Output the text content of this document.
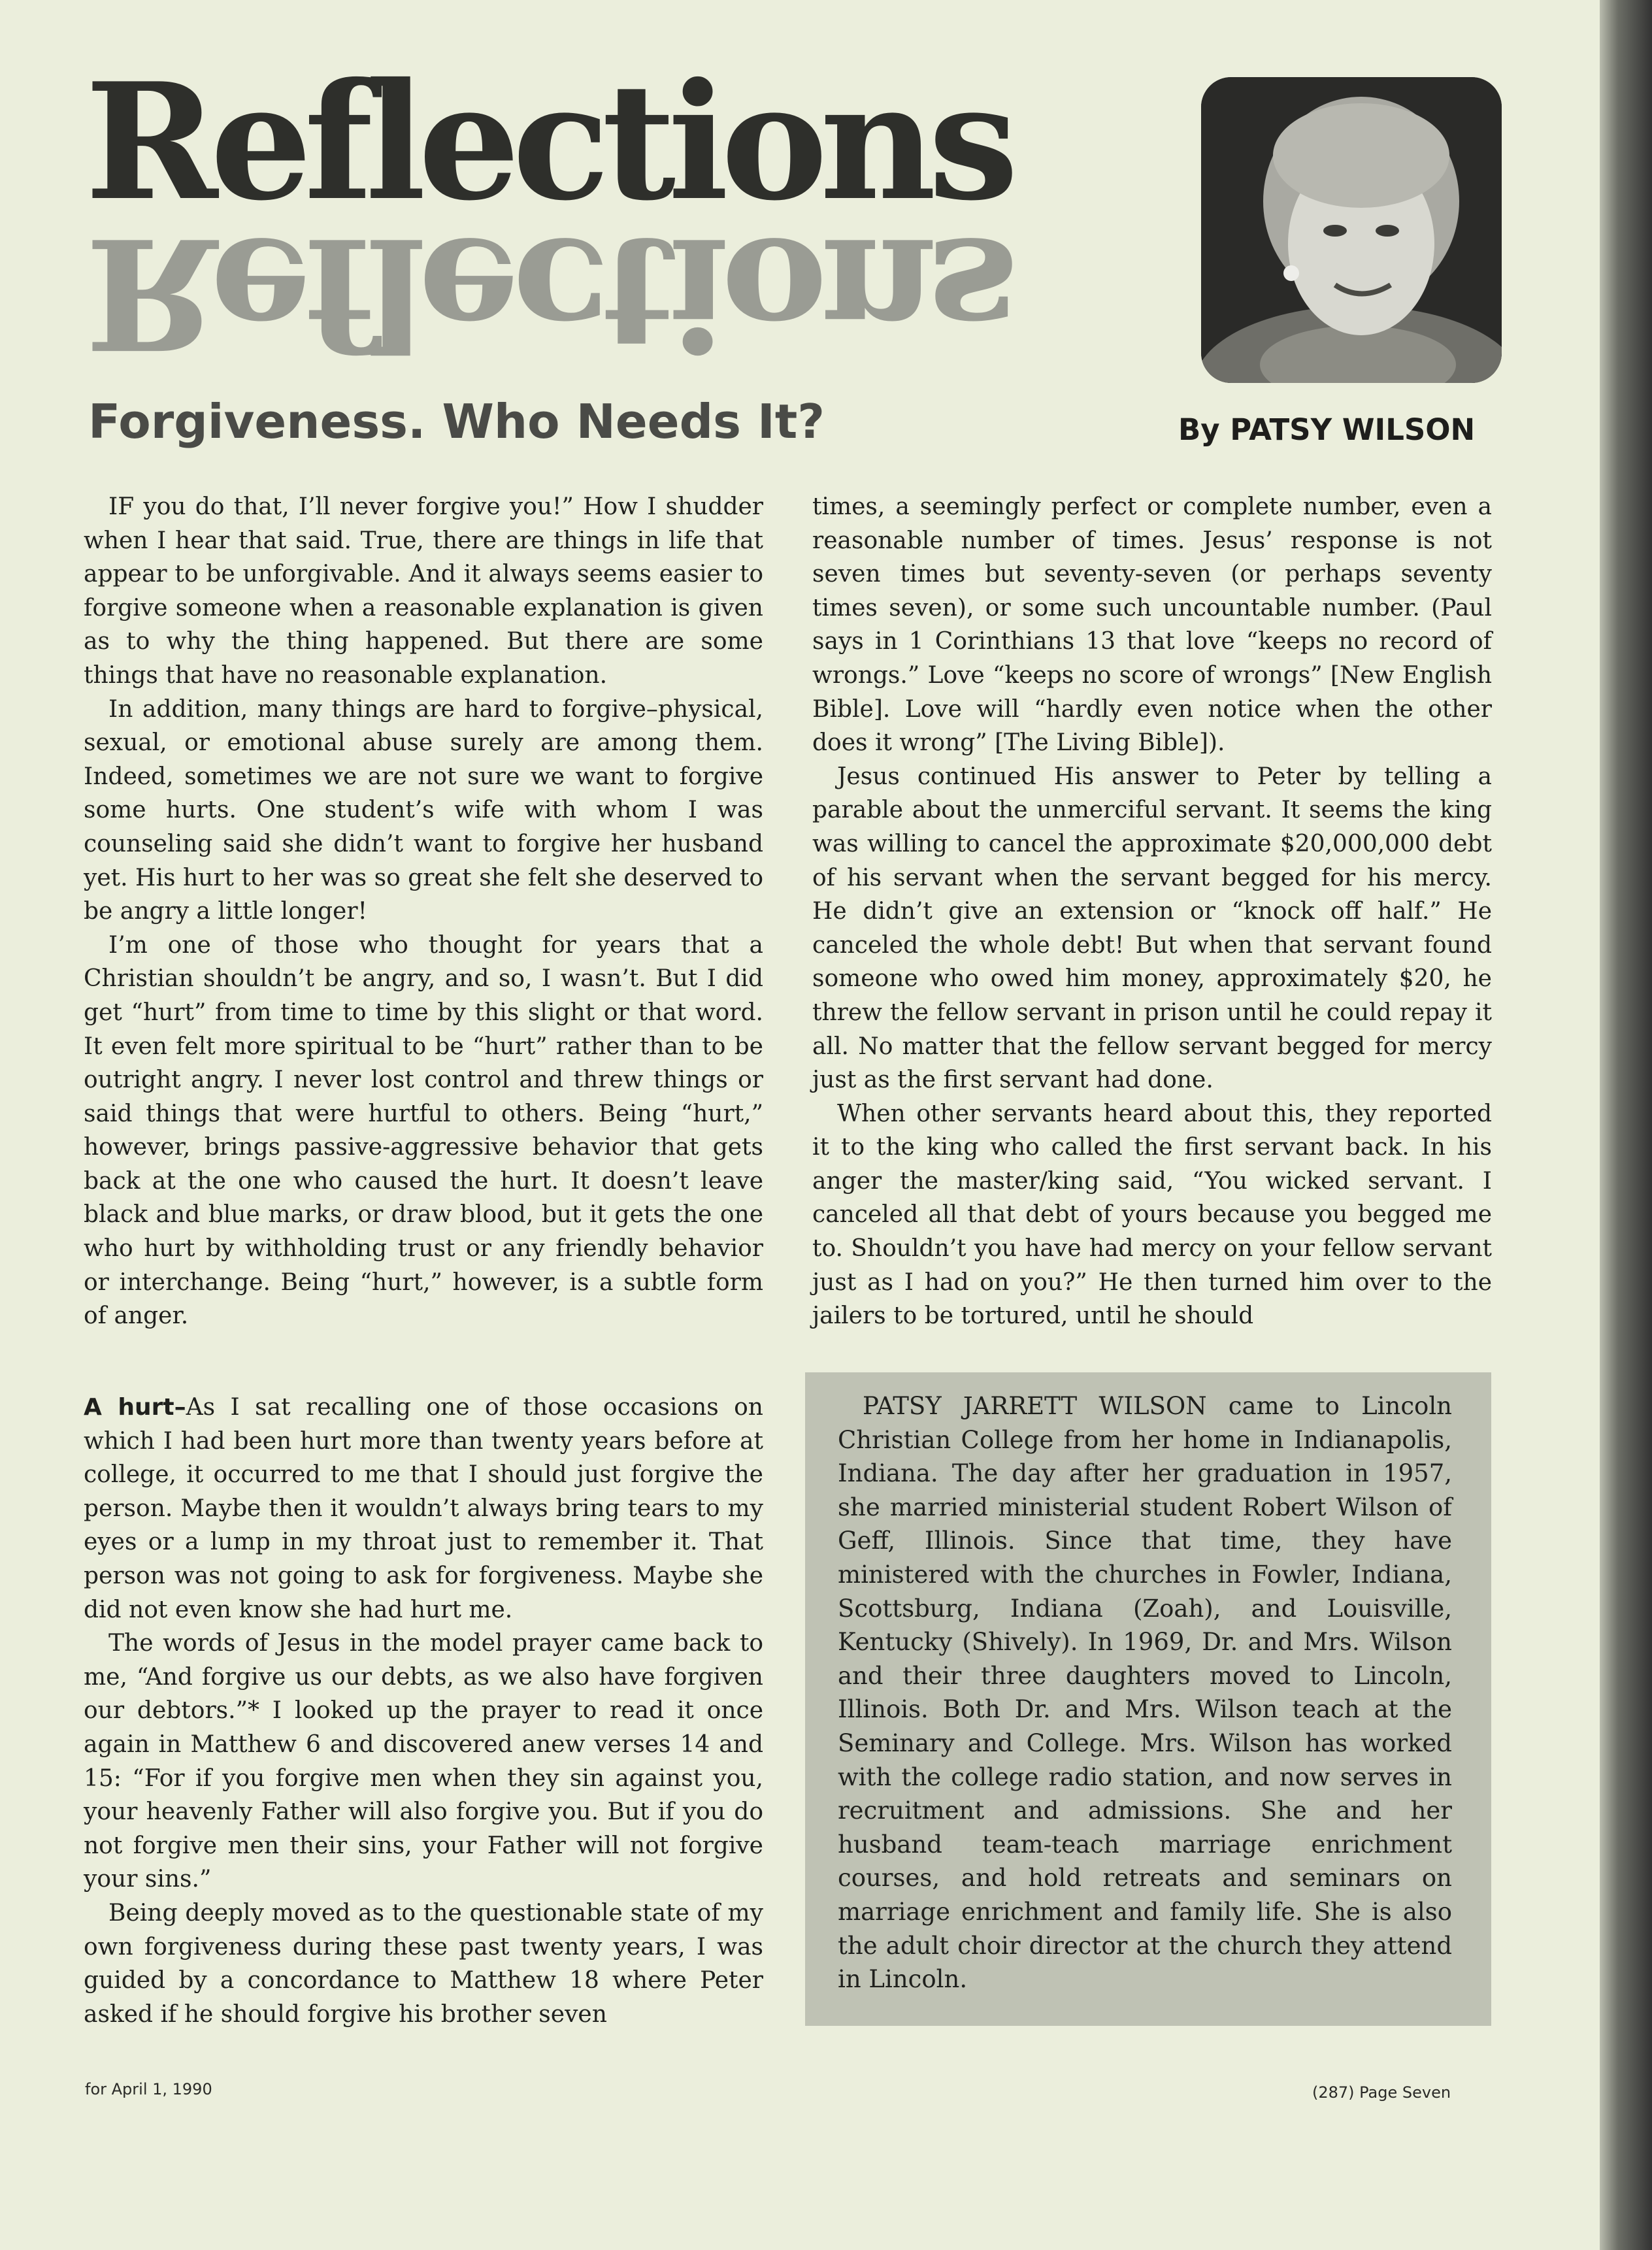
Reflections
Reflections
Forgiveness. Who Needs It?	By PATSY WILSON

IF you do that, I’ll never forgive you!” How I shudder when I hear that said. True, there are things in life that appear to be unforgivable. And it always seems easier to forgive someone when a reasonable explanation is given as to why the thing happened. But there are some things that have no reasonable explanation.

In addition, many things are hard to forgive–physical, sexual, or emotional abuse surely are among them. Indeed, sometimes we are not sure we want to forgive some hurts. One student’s wife with whom I was counseling said she didn’t want to forgive her husband yet. His hurt to her was so great she felt she deserved to be angry a little longer!

I’m one of those who thought for years that a Christian shouldn’t be angry, and so, I wasn’t. But I did get “hurt” from time to time by this slight or that word. It even felt more spiritual to be “hurt” rather than to be outright angry. I never lost control and threw things or said things that were hurtful to others. Being “hurt,” however, brings passive-aggressive behavior that gets back at the one who caused the hurt. It doesn’t leave black and blue marks, or draw blood, but it gets the one who hurt by withholding trust or any friendly behavior or interchange. Being “hurt,” however, is a subtle form of anger.

A hurt–As I sat recalling one of those occasions on which I had been hurt more than twenty years before at college, it occurred to me that I should just forgive the person. Maybe then it wouldn’t always bring tears to my eyes or a lump in my throat just to remember it. That person was not going to ask for forgiveness. Maybe she did not even know she had hurt me.

The words of Jesus in the model prayer came back to me, “And forgive us our debts, as we also have forgiven our debtors.”* I looked up the prayer to read it once again in Matthew 6 and discovered anew verses 14 and 15: “For if you forgive men when they sin against you, your heavenly Father will also forgive you. But if you do not forgive men their sins, your Father will not forgive your sins.”

Being deeply moved as to the questionable state of my own forgiveness during these past twenty years, I was guided by a concordance to Matthew 18 where Peter asked if he should forgive his brother seven

times, a seemingly perfect or complete number, even a reasonable number of times. Jesus’ response is not seven times but seventy-seven (or perhaps seventy times seven), or some such uncountable number. (Paul says in 1 Corinthians 13 that love “keeps no record of wrongs.” Love “keeps no score of wrongs” [New English Bible]. Love will “hardly even notice when the other does it wrong” [The Living Bible]).

Jesus continued His answer to Peter by telling a parable about the unmerciful servant. It seems the king was willing to cancel the approximate $20,000,000 debt of his servant when the servant begged for his mercy. He didn’t give an extension or “knock off half.” He canceled the whole debt! But when that servant found someone who owed him money, approximately $20, he threw the fellow servant in prison until he could repay it all. No matter that the fellow servant begged for mercy just as the first servant had done.

When other servants heard about this, they reported it to the king who called the first servant back. In his anger the master/king said, “You wicked servant. I canceled all that debt of yours because you begged me to. Shouldn’t you have had mercy on your fellow servant just as I had on you?” He then turned him over to the jailers to be tortured, until he should

PATSY JARRETT WILSON came to Lincoln Christian College from her home in Indianapolis, Indiana. The day after her graduation in 1957, she married ministerial student Robert Wilson of Geff, Illinois. Since that time, they have ministered with the churches in Fowler, Indiana, Scottsburg, Indiana (Zoah), and Louisville, Kentucky (Shively). In 1969, Dr. and Mrs. Wilson and their three daughters moved to Lincoln, Illinois. Both Dr. and Mrs. Wilson teach at the Seminary and College. Mrs. Wilson has worked with the college radio station, and now serves in recruitment and admissions. She and her husband team-teach marriage enrichment courses, and hold retreats and seminars on marriage enrichment and family life. She is also the adult choir director at the church they attend in Lincoln.

for April 1, 1990	(287) Page Seven
